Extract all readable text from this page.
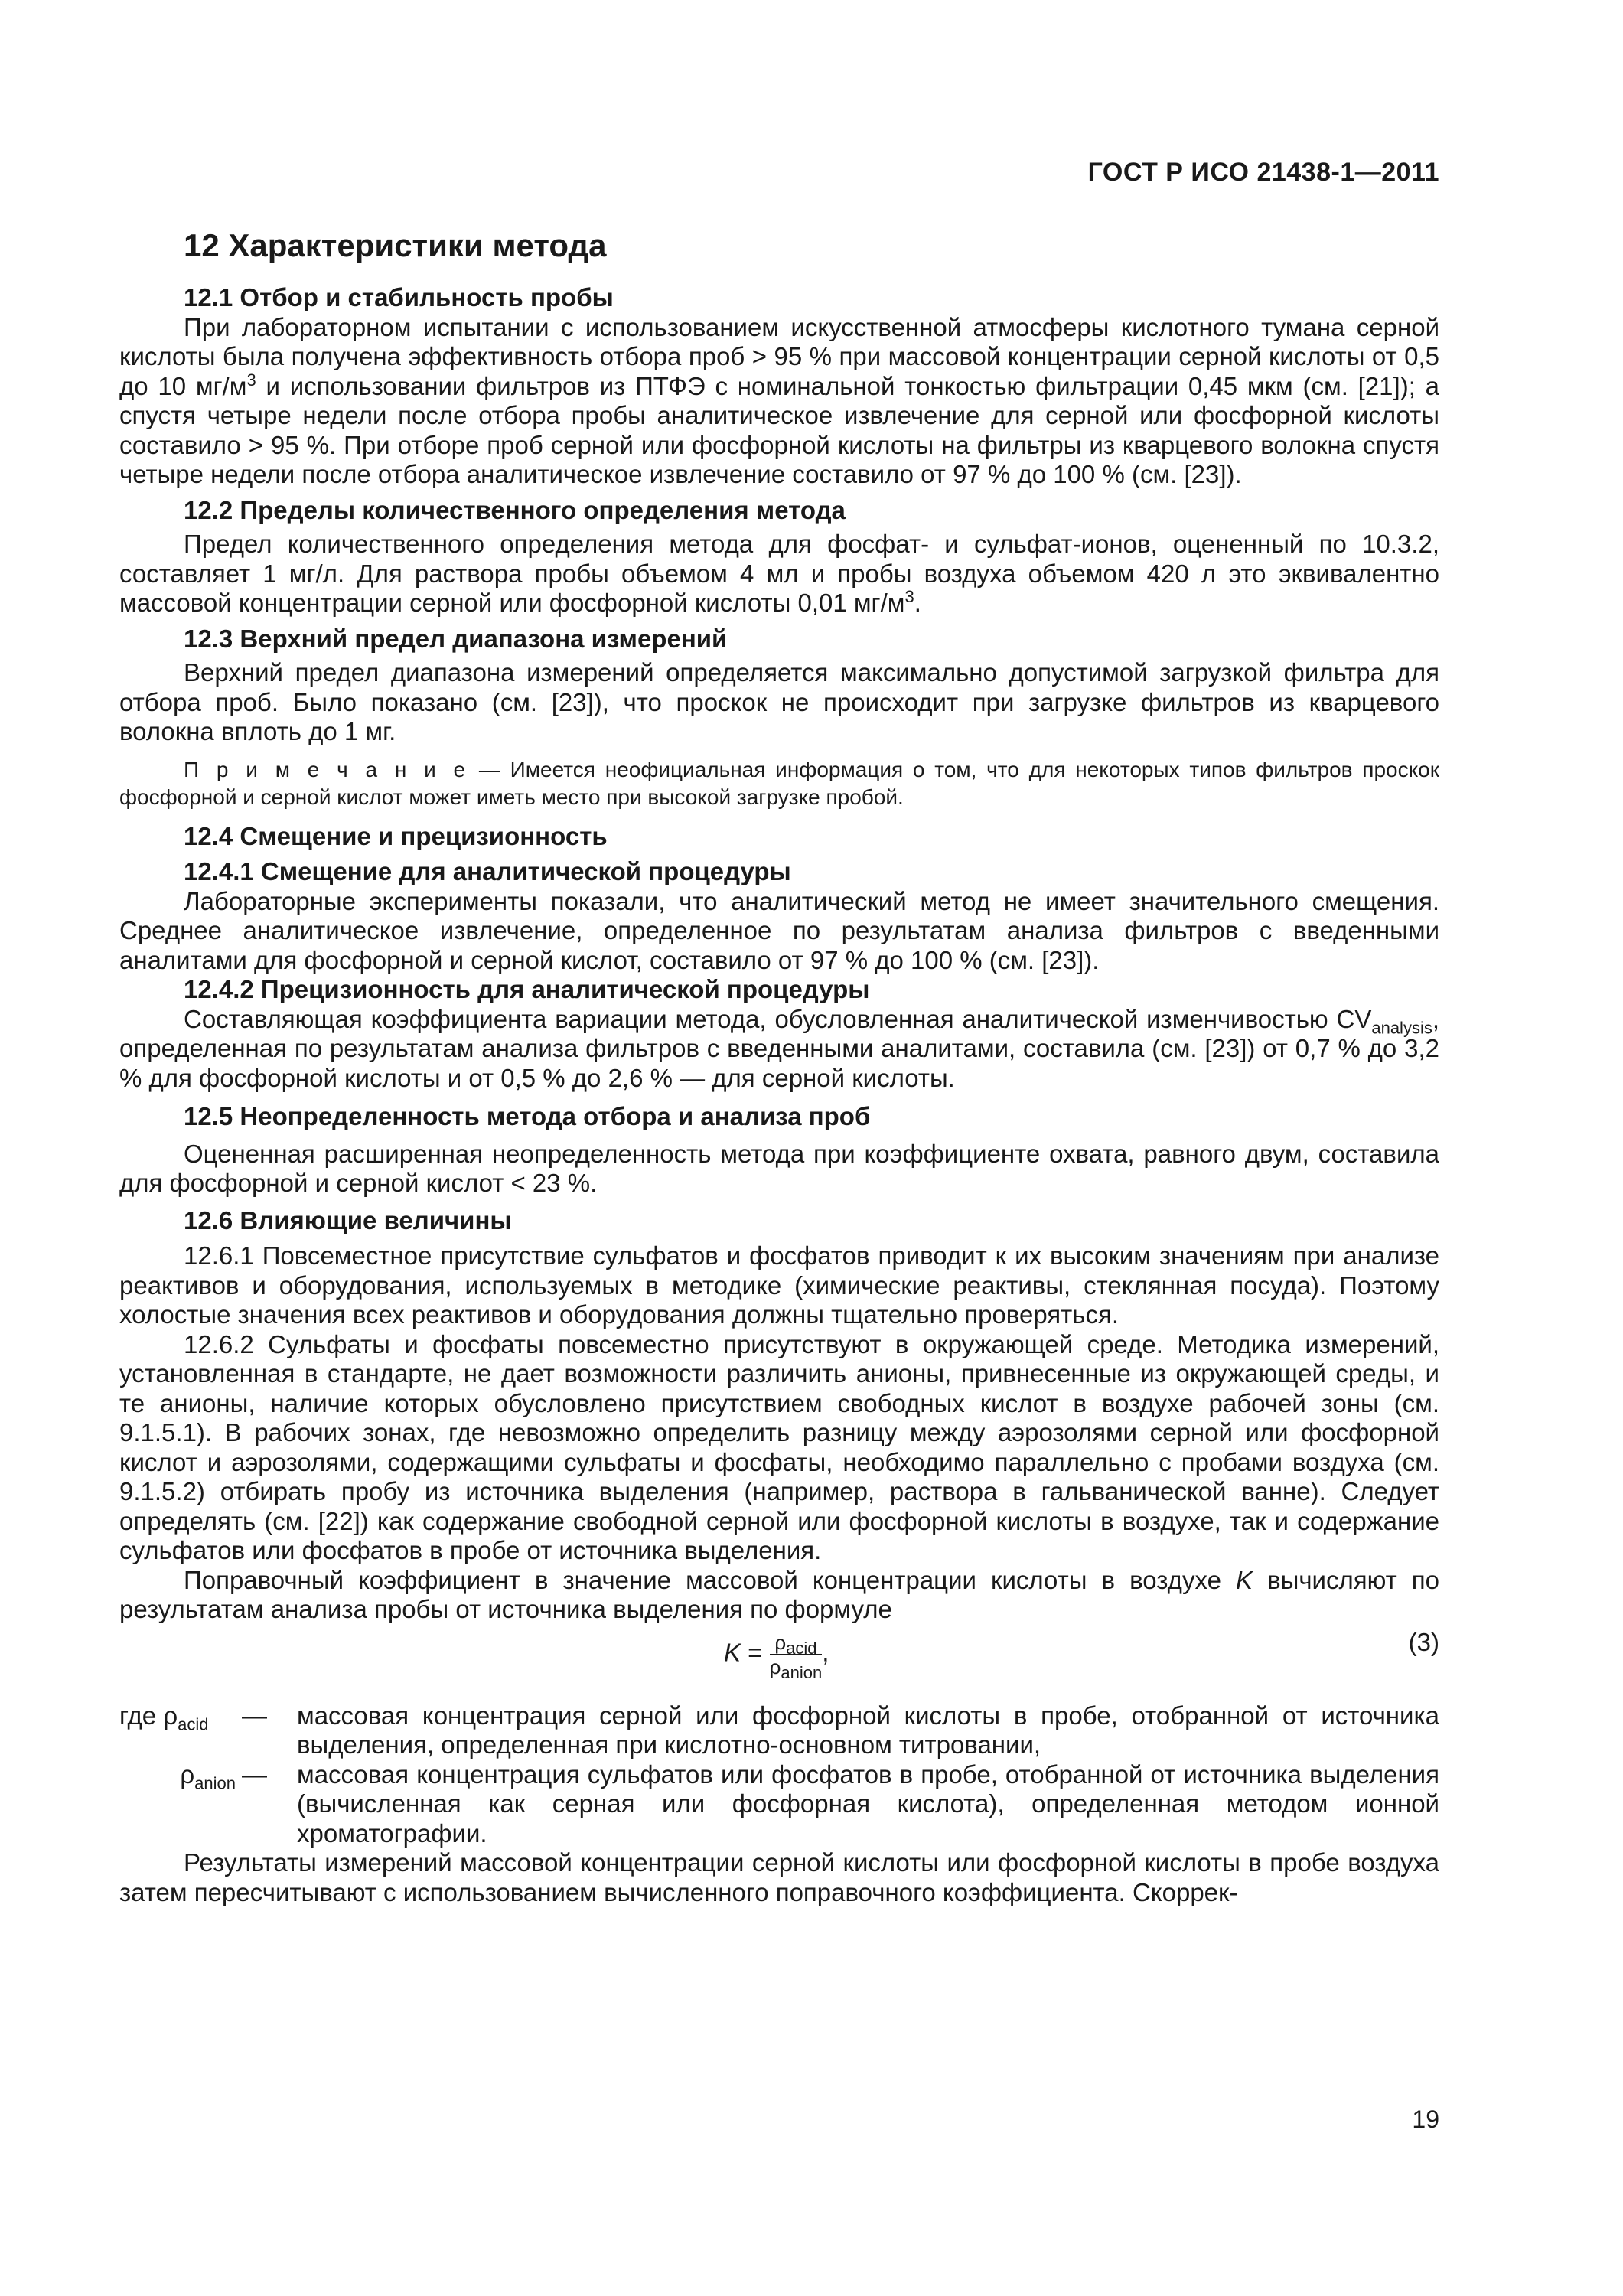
ГОСТ Р ИСО 21438-1—2011
12 Характеристики метода

12.1 Отбор и стабильность пробы

При лабораторном испытании с использованием искусственной атмосферы кислотного тумана серной кислоты была получена эффективность отбора проб > 95 % при массовой концентрации серной кислоты от 0,5 до 10 $мг/м^3$ и использовании фильтров из ПТФЭ с номинальной тонкостью фильтрации 0,45 мкм (см. [21]); а спустя четыре недели после отбора пробы аналитическое извлечение для серной или фосфорной кислоты составило > 95 %. При отборе проб серной или фосфорной кислоты на фильтры из кварцевого волокна спустя четыре недели после отбора аналитическое извлечение составило от 97 % до 100 % (см. [23]).

12.2 Пределы количественного определения метода

Предел количественного определения метода для фосфат- и сульфат-ионов, оцененный по 10.3.2, составляет 1 мг/л. Для раствора пробы объемом 4 мл и пробы воздуха объемом 420 л это эквивалентно массовой концентрации серной или фосфорной кислоты 0,01 $мг/м^3$.

12.3 Верхний предел диапазона измерений

Верхний предел диапазона измерений определяется максимально допустимой загрузкой фильтра для отбора проб. Было показано (см. [23]), что проскок не происходит при загрузке фильтров из кварцевого волокна вплоть до 1 мг.

П р и м е ч а н и е — Имеется неофициальная информация о том, что для некоторых типов фильтров проскок фосфорной и серной кислот может иметь место при высокой загрузке пробой.

12.4 Смещение и прецизионность

12.4.1 Смещение для аналитической процедуры

Лабораторные эксперименты показали, что аналитический метод не имеет значительного смещения. Среднее аналитическое извлечение, определенное по результатам анализа фильтров с введенными аналитами для фосфорной и серной кислот, составило от 97 % до 100 % (см. [23]).

12.4.2 Прецизионность для аналитической процедуры

Составляющая коэффициента вариации метода, обусловленная аналитической изменчивостью $CV_{analysis}$, определенная по результатам анализа фильтров с введенными аналитами, составила (см. [23]) от 0,7 % до 3,2 % для фосфорной кислоты и от 0,5 % до 2,6 % — для серной кислоты.

12.5 Неопределенность метода отбора и анализа проб

Оцененная расширенная неопределенность метода при коэффициенте охвата, равного двум, составила для фосфорной и серной кислот < 23 %.

12.6 Влияющие величины

12.6.1 Повсеместное присутствие сульфатов и фосфатов приводит к их высоким значениям при анализе реактивов и оборудования, используемых в методике (химические реактивы, стеклянная посуда). Поэтому холостые значения всех реактивов и оборудования должны тщательно проверяться.

12.6.2 Сульфаты и фосфаты повсеместно присутствуют в окружающей среде. Методика измерений, установленная в стандарте, не дает возможности различить анионы, привнесенные из окружающей среды, и те анионы, наличие которых обусловлено присутствием свободных кислот в воздухе рабочей зоны (см. 9.1.5.1). В рабочих зонах, где невозможно определить разницу между аэрозолями серной или фосфорной кислот и аэрозолями, содержащими сульфаты и фосфаты, необходимо параллельно с пробами воздуха (см. 9.1.5.2) отбирать пробу из источника выделения (например, раствора в гальванической ванне). Следует определять (см. [22]) как содержание свободной серной или фосфорной кислоты в воздухе, так и содержание сульфатов или фосфатов в пробе от источника выделения.

Поправочный коэффициент в значение массовой концентрации кислоты в воздухе K вычисляют по результатам анализа пробы от источника выделения по формуле

$K = \frac{\rho_{acid}}{\rho_{anion}}$ ,	(3)
где $\rho_{acid}$ —	массовая концентрация серной или фосфорной кислоты в пробе, отобранной от источника выделения, определенная при кислотно-основном титровании,
$\rho_{anion}$ —	массовая концентрация сульфатов или фосфатов в пробе, отобранной от источника выделения (вычисленная как серная или фосфорная кислота), определенная методом ионной хроматографии.

Результаты измерений массовой концентрации серной кислоты или фосфорной кислоты в пробе воздуха затем пересчитывают с использованием вычисленного поправочного коэффициента. Скоррек-

19
